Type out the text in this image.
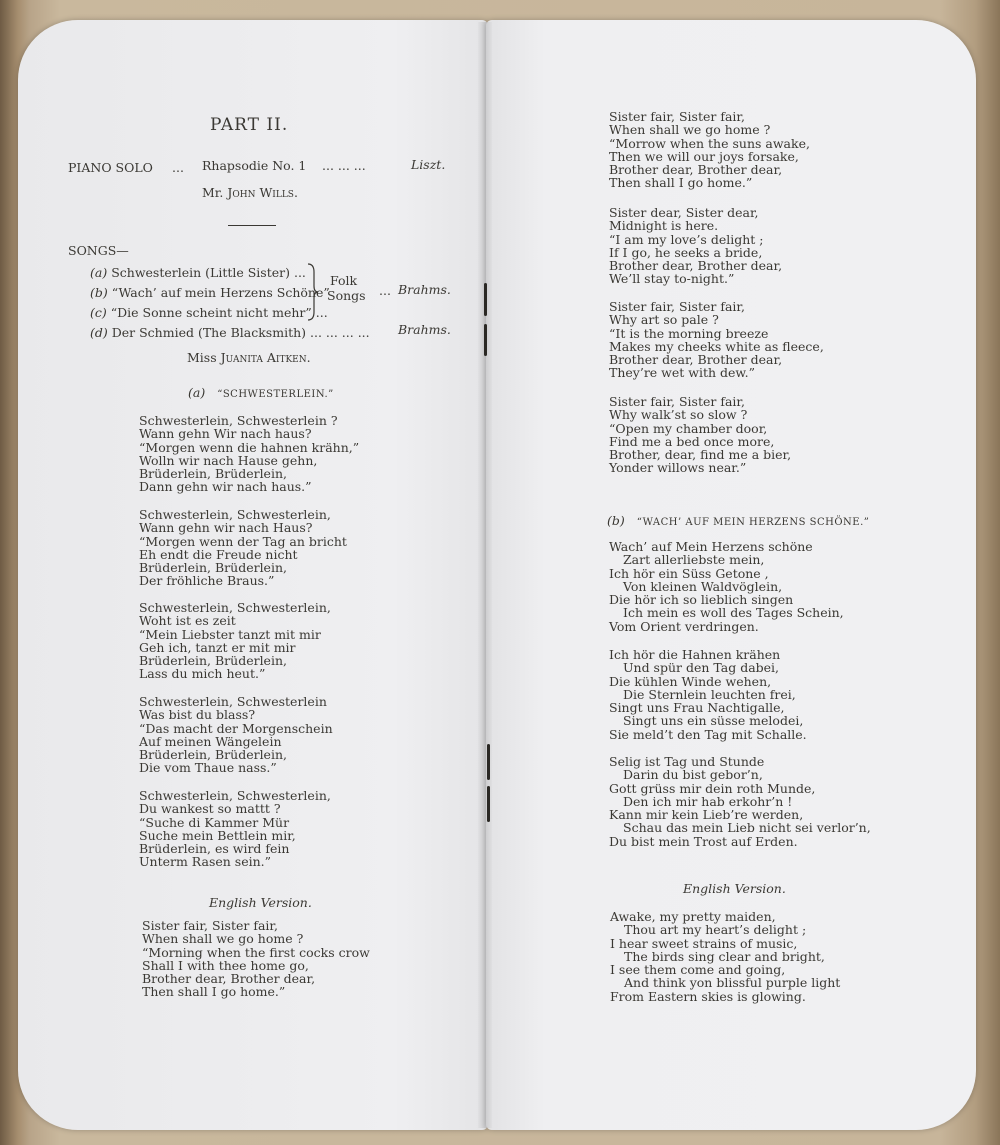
PART II.
PIANO SOLO ... Rhapsodie No. 1 ... ... ...	Liszt.
Mr. John Wills.
SONGS—
(a) Schwesterlein (Little Sister) ...
(b) “Wach’ auf mein Herzens Schöne”
(c) “Die Sonne scheint nicht mehr” ...
(d) Der Schmied (The Blacksmith) ... ... ... ...
Folk
Songs ... Brahms.
Brahms.
Miss Juanita Aitken.
(a) “SCHWESTERLEIN.”
Schwesterlein, Schwesterlein ?
Wann gehn Wir nach haus?
“Morgen wenn die hahnen krähn,”
Wolln wir nach Hause gehn,
Brüderlein, Brüderlein,
Dann gehn wir nach haus.”
Schwesterlein, Schwesterlein,
Wann gehn wir nach Haus?
“Morgen wenn der Tag an bricht
Eh endt die Freude nicht
Brüderlein, Brüderlein,
Der fröhliche Braus.”
Schwesterlein, Schwesterlein,
Woht ist es zeit
“Mein Liebster tanzt mit mir
Geh ich, tanzt er mit mir
Brüderlein, Brüderlein,
Lass du mich heut.”
Schwesterlein, Schwesterlein
Was bist du blass?
“Das macht der Morgenschein
Auf meinen Wängelein
Brüderlein, Brüderlein,
Die vom Thaue nass.”
Schwesterlein, Schwesterlein,
Du wankest so mattt ?
“Suche di Kammer Mür
Suche mein Bettlein mir,
Brüderlein, es wird fein
Unterm Rasen sein.”
English Version.
Sister fair, Sister fair,
When shall we go home ?
“Morning when the first cocks crow
Shall I with thee home go,
Brother dear, Brother dear,
Then shall I go home.”
Sister fair, Sister fair,
When shall we go home ?
“Morrow when the suns awake,
Then we will our joys forsake,
Brother dear, Brother dear,
Then shall I go home.”
Sister dear, Sister dear,
Midnight is here.
“I am my love’s delight ;
If I go, he seeks a bride,
Brother dear, Brother dear,
We’ll stay to-night.”
Sister fair, Sister fair,
Why art so pale ?
“It is the morning breeze
Makes my cheeks white as fleece,
Brother dear, Brother dear,
They’re wet with dew.”
Sister fair, Sister fair,
Why walk’st so slow ?
“Open my chamber door,
Find me a bed once more,
Brother, dear, find me a bier,
Yonder willows near.”
(b) “WACH’ AUF MEIN HERZENS SCHÖNE.”
Wach’ auf Mein Herzens schöne
Zart allerliebste mein,
Ich hör ein Süss Getone ,
Von kleinen Waldvöglein,
Die hör ich so lieblich singen
Ich mein es woll des Tages Schein,
Vom Orient verdringen.
Ich hör die Hahnen krähen
Und spür den Tag dabei,
Die kühlen Winde wehen,
Die Sternlein leuchten frei,
Singt uns Frau Nachtigalle,
Singt uns ein süsse melodei,
Sie meld’t den Tag mit Schalle.
Selig ist Tag und Stunde
Darin du bist gebor’n,
Gott grüss mir dein roth Munde,
Den ich mir hab erkohr’n !
Kann mir kein Lieb’re werden,
Schau das mein Lieb nicht sei verlor’n,
Du bist mein Trost auf Erden.
English Version.
Awake, my pretty maiden,
Thou art my heart’s delight ;
I hear sweet strains of music,
The birds sing clear and bright,
I see them come and going,
And think yon blissful purple light
From Eastern skies is glowing.
